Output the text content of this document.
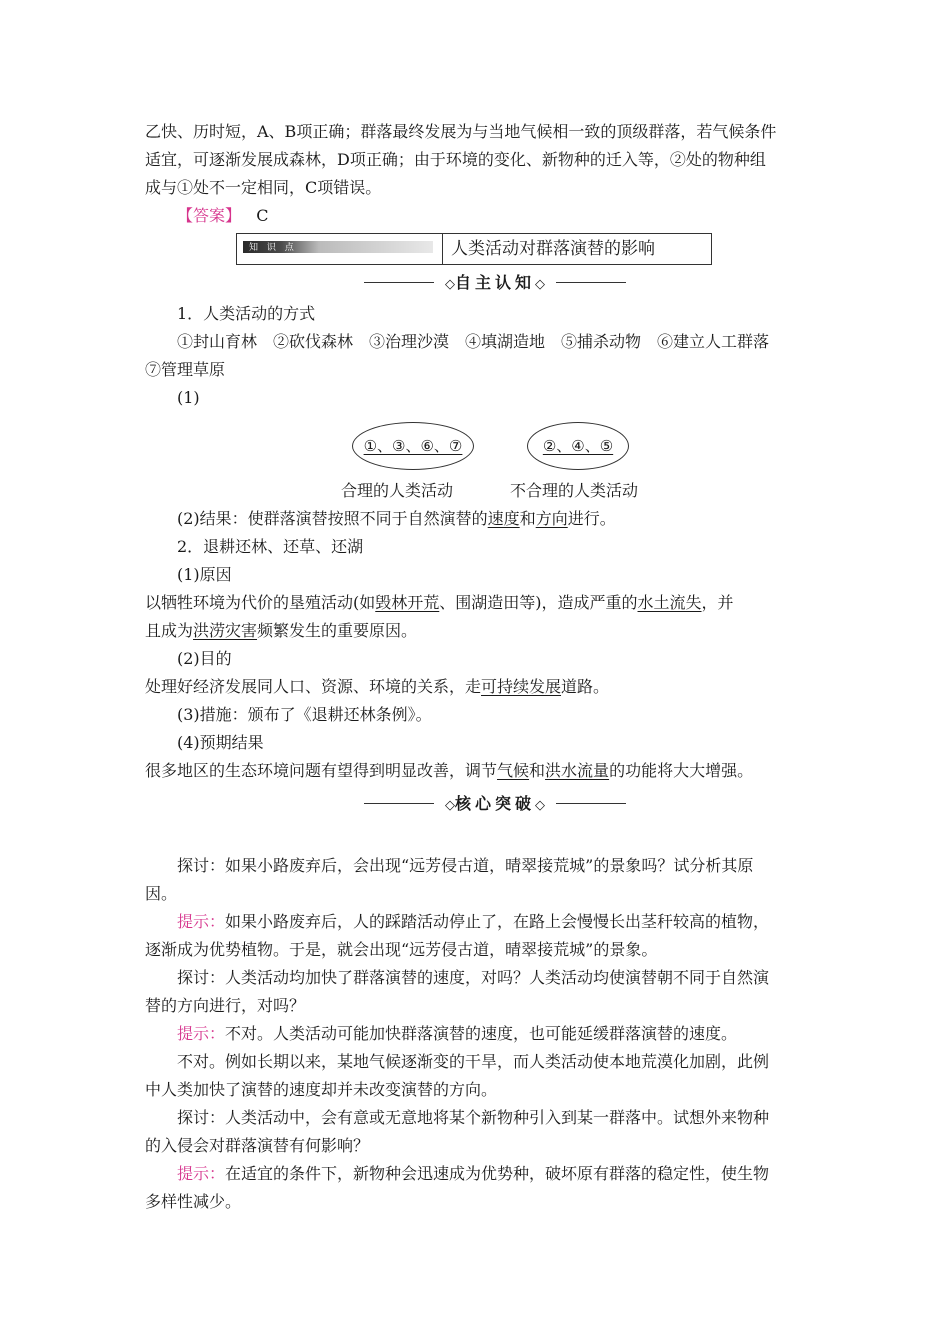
乙快、历时短，A、B项正确；群落最终发展为与当地气候相一致的顶级群落，若气候条件

适宜，可逐渐发展成森林，D项正确；由于环境的变化、新物种的迁入等，②处的物种组

成与①处不一定相同，C项错误。

【答案】 C

知 识 点	人类活动对群落演替的影响
◇自主认知◇

1．人类活动的方式

①封山育林　②砍伐森林　③治理沙漠　④填湖造地　⑤捕杀动物　⑥建立人工群落

⑦管理草原

(1)

①、③、⑥、⑦	②、④、⑤
合理的人类活动	不合理的人类活动

(2)结果：使群落演替按照不同于自然演替的速度和方向进行。

2．退耕还林、还草、还湖

(1)原因

以牺牲环境为代价的垦殖活动(如毁林开荒、围湖造田等)，造成严重的水土流失，并

且成为洪涝灾害频繁发生的重要原因。

(2)目的

处理好经济发展同人口、资源、环境的关系，走可持续发展道路。

(3)措施：颁布了《退耕还林条例》。

(4)预期结果

很多地区的生态环境问题有望得到明显改善，调节气候和洪水流量的功能将大大增强。

◇核心突破◇

探讨：如果小路废弃后，会出现“远芳侵古道，晴翠接荒城”的景象吗？试分析其原

因。

提示：如果小路废弃后，人的踩踏活动停止了，在路上会慢慢长出茎秆较高的植物，

逐渐成为优势植物。于是，就会出现“远芳侵古道，晴翠接荒城”的景象。

探讨：人类活动均加快了群落演替的速度，对吗？人类活动均使演替朝不同于自然演

替的方向进行，对吗？

提示：不对。人类活动可能加快群落演替的速度，也可能延缓群落演替的速度。

不对。例如长期以来，某地气候逐渐变的干旱，而人类活动使本地荒漠化加剧，此例

中人类加快了演替的速度却并未改变演替的方向。

探讨：人类活动中，会有意或无意地将某个新物种引入到某一群落中。试想外来物种

的入侵会对群落演替有何影响？

提示：在适宜的条件下，新物种会迅速成为优势种，破坏原有群落的稳定性，使生物

多样性减少。
